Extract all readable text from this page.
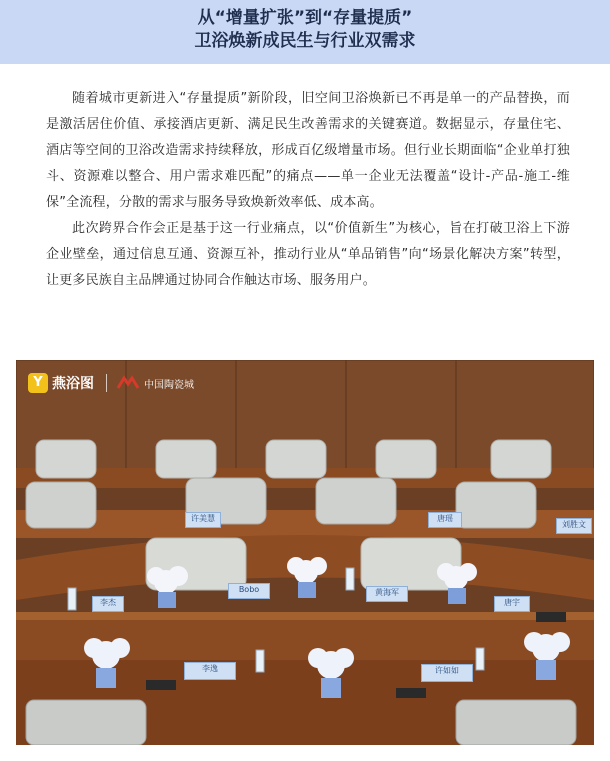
从“增量扩张”到“存量提质”
卫浴焕新成民生与行业双需求

随着城市更新进入“存量提质”新阶段，旧空间卫浴焕新已不再是单一的产品替换，而是激活居住价值、承接酒店更新、满足民生改善需求的关键赛道。数据显示，存量住宅、酒店等空间的卫浴改造需求持续释放，形成百亿级增量市场。但行业长期面临“企业单打独斗、资源难以整合、用户需求难匹配”的痛点——单一企业无法覆盖“设计-产品-施工-维保”全流程，分散的需求与服务导致焕新效率低、成本高。

此次跨界合作会正是基于这一行业痛点，以“价值新生”为核心，旨在打破卫浴上下游企业壁垒，通过信息互通、资源互补，推动行业从“单品销售”向“场景化解决方案”转型，让更多民族自主品牌通过协同合作触达市场、服务用户。

Bobo	黄海军
李杰	唐宇
李逸	许如如
刘胜文
唐瑶
许美慧
Y 燕浴图	中国陶瓷城
